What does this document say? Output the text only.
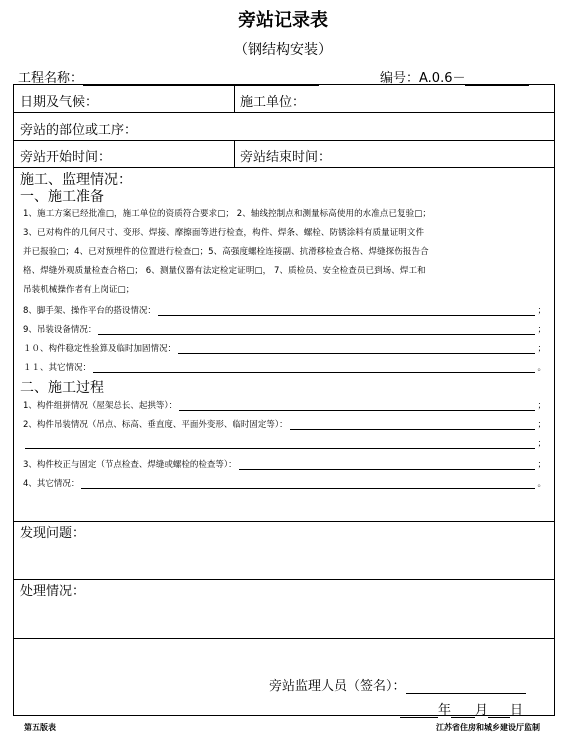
旁站记录表
（钢结构安装）
工程名称：	编号：A.0.6－
日期及气候：	施工单位：
旁站的部位或工序：
旁站开始时间：	旁站结束时间：
施工、监理情况：
一、施工准备
1、施工方案已经批准□，施工单位的资质符合要求□； 2、轴线控制点和测量标高使用的水准点已复验□；
3、已对构件的几何尺寸、变形、焊接、摩擦面等进行检查，构件、焊条、螺栓、防锈涂料有质量证明文件
并已报验□；4、已对预埋件的位置进行检查□；5、高强度螺栓连接副、抗滑移检查合格、焊缝探伤报告合
格、焊缝外观质量检查合格□； 6、测量仪器有法定检定证明□， 7、质检员、安全检查员已到场、焊工和
吊装机械操作者有上岗证□；
8、脚手架、操作平台的搭设情况：	；
9、吊装设备情况：	；
１０、构件稳定性验算及临时加固情况：	；
１１、其它情况：	。
二、施工过程
1、构件组拼情况（屋架总长、起拱等）：	；
2、构件吊装情况（吊点、标高、垂直度、平面外变形、临时固定等）：	；
；
3、构件校正与固定（节点检查、焊缝或螺栓的检查等）：	；
4、其它情况：	。
发现问题：
处理情况：
旁站监理人员（签名）：
年 月 日
第五版表	江苏省住房和城乡建设厅监制
